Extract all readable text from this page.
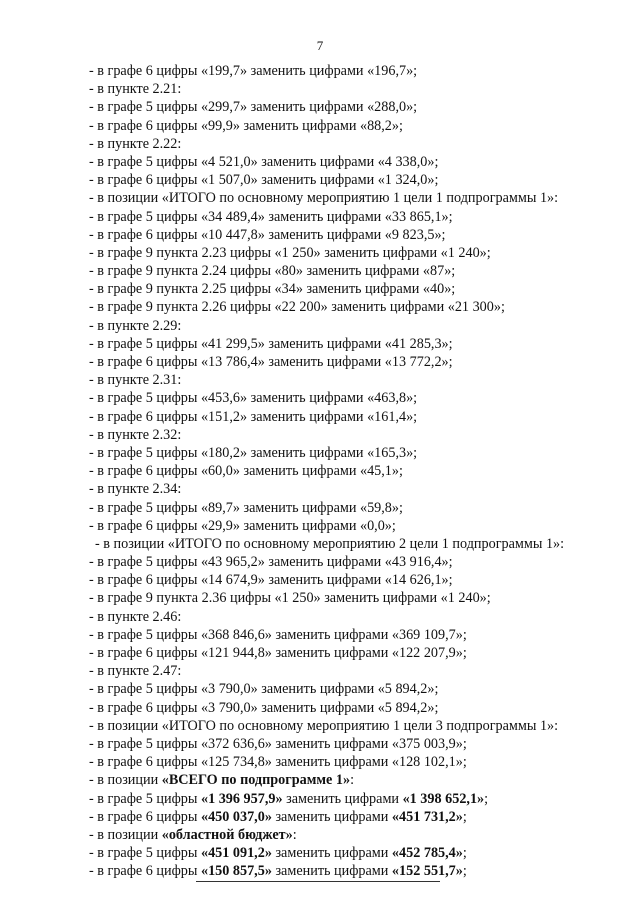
7
- в графе 6 цифры «199,7» заменить цифрами «196,7»;
- в пункте 2.21:
- в графе 5 цифры «299,7» заменить цифрами «288,0»;
- в графе 6 цифры «99,9» заменить цифрами «88,2»;
- в пункте 2.22:
- в графе 5 цифры «4 521,0» заменить цифрами «4 338,0»;
- в графе 6 цифры «1 507,0» заменить цифрами «1 324,0»;
- в позиции «ИТОГО по основному мероприятию 1 цели 1 подпрограммы 1»:
- в графе 5 цифры «34 489,4» заменить цифрами «33 865,1»;
- в графе 6 цифры «10 447,8» заменить цифрами «9 823,5»;
- в графе 9 пункта 2.23 цифры «1 250» заменить цифрами «1 240»;
- в графе 9 пункта 2.24 цифры «80» заменить цифрами «87»;
- в графе 9 пункта 2.25 цифры «34» заменить цифрами «40»;
- в графе 9 пункта 2.26 цифры «22 200» заменить цифрами «21 300»;
- в пункте 2.29:
- в графе 5 цифры «41 299,5» заменить цифрами «41 285,3»;
- в графе 6 цифры «13 786,4» заменить цифрами «13 772,2»;
- в пункте 2.31:
- в графе 5 цифры «453,6» заменить цифрами «463,8»;
- в графе 6 цифры «151,2» заменить цифрами «161,4»;
- в пункте 2.32:
- в графе 5 цифры «180,2» заменить цифрами «165,3»;
- в графе 6 цифры «60,0» заменить цифрами «45,1»;
- в пункте 2.34:
- в графе 5 цифры «89,7» заменить цифрами «59,8»;
- в графе 6 цифры «29,9» заменить цифрами «0,0»;
- в позиции «ИТОГО по основному мероприятию 2 цели 1 подпрограммы 1»:
- в графе 5 цифры «43 965,2» заменить цифрами «43 916,4»;
- в графе 6 цифры «14 674,9» заменить цифрами «14 626,1»;
- в графе 9 пункта 2.36 цифры «1 250» заменить цифрами «1 240»;
- в пункте 2.46:
- в графе 5 цифры «368 846,6» заменить цифрами «369 109,7»;
- в графе 6 цифры «121 944,8» заменить цифрами «122 207,9»;
- в пункте 2.47:
- в графе 5 цифры «3 790,0» заменить цифрами «5 894,2»;
- в графе 6 цифры «3 790,0» заменить цифрами «5 894,2»;
- в позиции «ИТОГО по основному мероприятию 1 цели 3 подпрограммы 1»:
- в графе 5 цифры «372 636,6» заменить цифрами «375 003,9»;
- в графе 6 цифры «125 734,8» заменить цифрами «128 102,1»;
- в позиции «ВСЕГО по подпрограмме 1»:
- в графе 5 цифры «1 396 957,9» заменить цифрами «1 398 652,1»;
- в графе 6 цифры «450 037,0» заменить цифрами «451 731,2»;
- в позиции «областной бюджет»:
- в графе 5 цифры «451 091,2» заменить цифрами «452 785,4»;
- в графе 6 цифры «150 857,5» заменить цифрами «152 551,7»;
